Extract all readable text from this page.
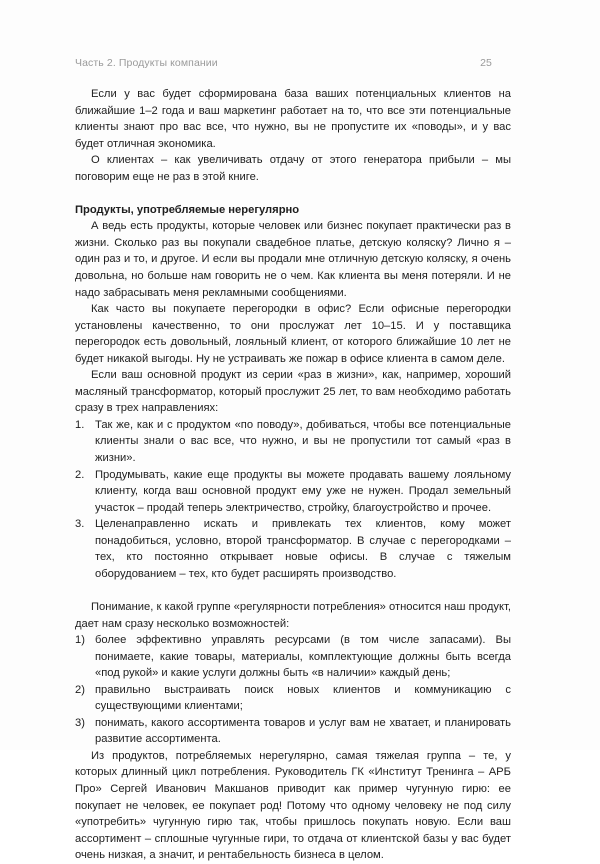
Часть 2. Продукты компании	25

Если у вас будет сформирована база ваших потенциальных клиентов на ближайшие 1–2 года и ваш маркетинг работает на то, что все эти потенциальные клиенты знают про вас все, что нужно, вы не пропустите их «поводы», и у вас будет отличная экономика.

О клиентах – как увеличивать отдачу от этого генератора прибыли – мы поговорим еще не раз в этой книге.

Продукты, употребляемые нерегулярно

А ведь есть продукты, которые человек или бизнес покупает практически раз в жизни. Сколько раз вы покупали свадебное платье, детскую коляску? Лично я – один раз и то, и другое. И если вы продали мне отличную детскую коляску, я очень довольна, но больше нам говорить не о чем. Как клиента вы меня потеряли. И не надо забрасывать меня рекламными сообщениями.

Как часто вы покупаете перегородки в офис? Если офисные перегородки установлены качественно, то они прослужат лет 10–15. И у поставщика перегородок есть довольный, лояльный клиент, от которого ближайшие 10 лет не будет никакой выгоды. Ну не устраивать же пожар в офисе клиента в самом деле.

Если ваш основной продукт из серии «раз в жизни», как, например, хороший масляный трансформатор, который прослужит 25 лет, то вам необходимо работать сразу в трех направлениях:

1. Так же, как и с продуктом «по поводу», добиваться, чтобы все потенциальные клиенты знали о вас все, что нужно, и вы не пропустили тот самый «раз в жизни».
2. Продумывать, какие еще продукты вы можете продавать вашему лояльному клиенту, когда ваш основной продукт ему уже не нужен. Продал земельный участок – продай теперь электричество, стройку, благоустройство и прочее.
3. Целенаправленно искать и привлекать тех клиентов, кому может понадобиться, условно, второй трансформатор. В случае с перегородками – тех, кто постоянно открывает новые офисы. В случае с тяжелым оборудованием – тех, кто будет расширять производство.

Понимание, к какой группе «регулярности потребления» относится наш продукт, дает нам сразу несколько возможностей:

1) более эффективно управлять ресурсами (в том числе запасами). Вы понимаете, какие товары, материалы, комплектующие должны быть всегда «под рукой» и какие услуги должны быть «в наличии» каждый день;
2) правильно выстраивать поиск новых клиентов и коммуникацию с существующими клиентами;
3) понимать, какого ассортимента товаров и услуг вам не хватает, и планировать развитие ассортимента.

Из продуктов, потребляемых нерегулярно, самая тяжелая группа – те, у которых длинный цикл потребления. Руководитель ГК «Институт Тренинга – АРБ Про» Сергей Иванович Макшанов приводит как пример чугунную гирю: ее покупает не человек, ее покупает род! Потому что одному человеку не под силу «употребить» чугунную гирю так, чтобы пришлось покупать новую. Если ваш ассортимент – сплошные чугунные гири, то отдача от клиентской базы у вас будет очень низкая, а значит, и рентабельность бизнеса в целом.
